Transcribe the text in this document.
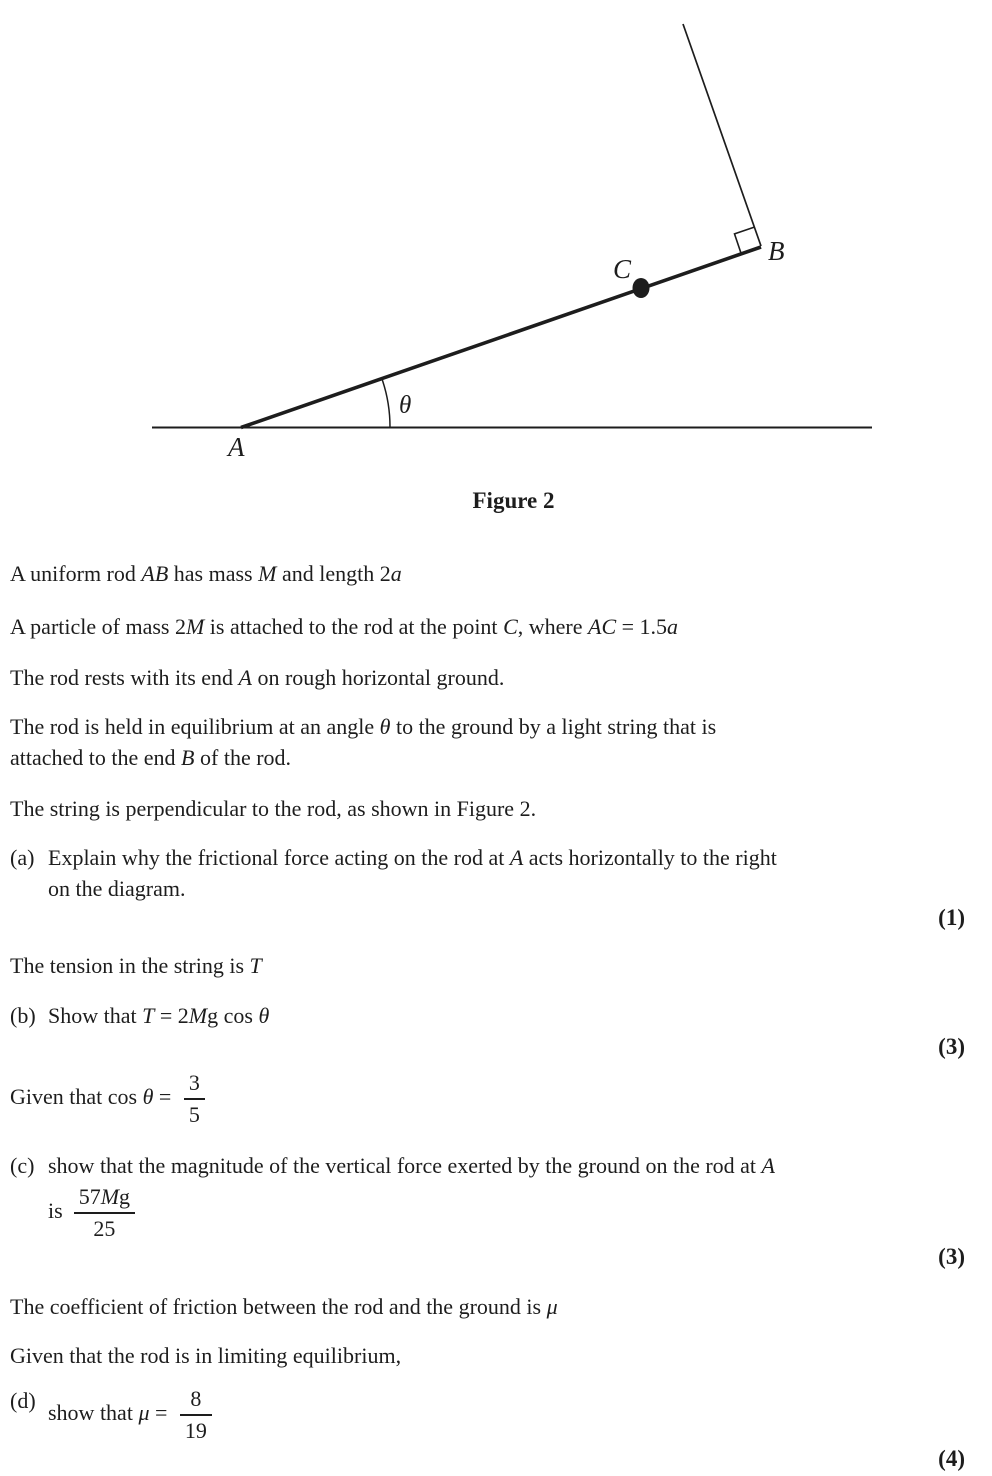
A
B
C
θ
Figure 2

A uniform rod AB has mass M and length 2a

A particle of mass 2M is attached to the rod at the point C, where AC = 1.5a

The rod rests with its end A on rough horizontal ground.

The rod is held in equilibrium at an angle θ to the ground by a light string that is
attached to the end B of the rod.

The string is perpendicular to the rod, as shown in Figure 2.

(a) Explain why the frictional force acting on the rod at A acts horizontally to the right
on the diagram.
(1)

The tension in the string is T

(b) Show that T = 2Mg cos θ
(3)
Given that $\cos \theta = \frac{3}{5}$
(c) show that the magnitude of the vertical force exerted by the ground on the rod at A
is $\frac{57Mg}{25}$
(3)

The coefficient of friction between the rod and the ground is μ

Given that the rod is in limiting equilibrium,

(d) show that $\mu = \frac{8}{19}$
(4)
